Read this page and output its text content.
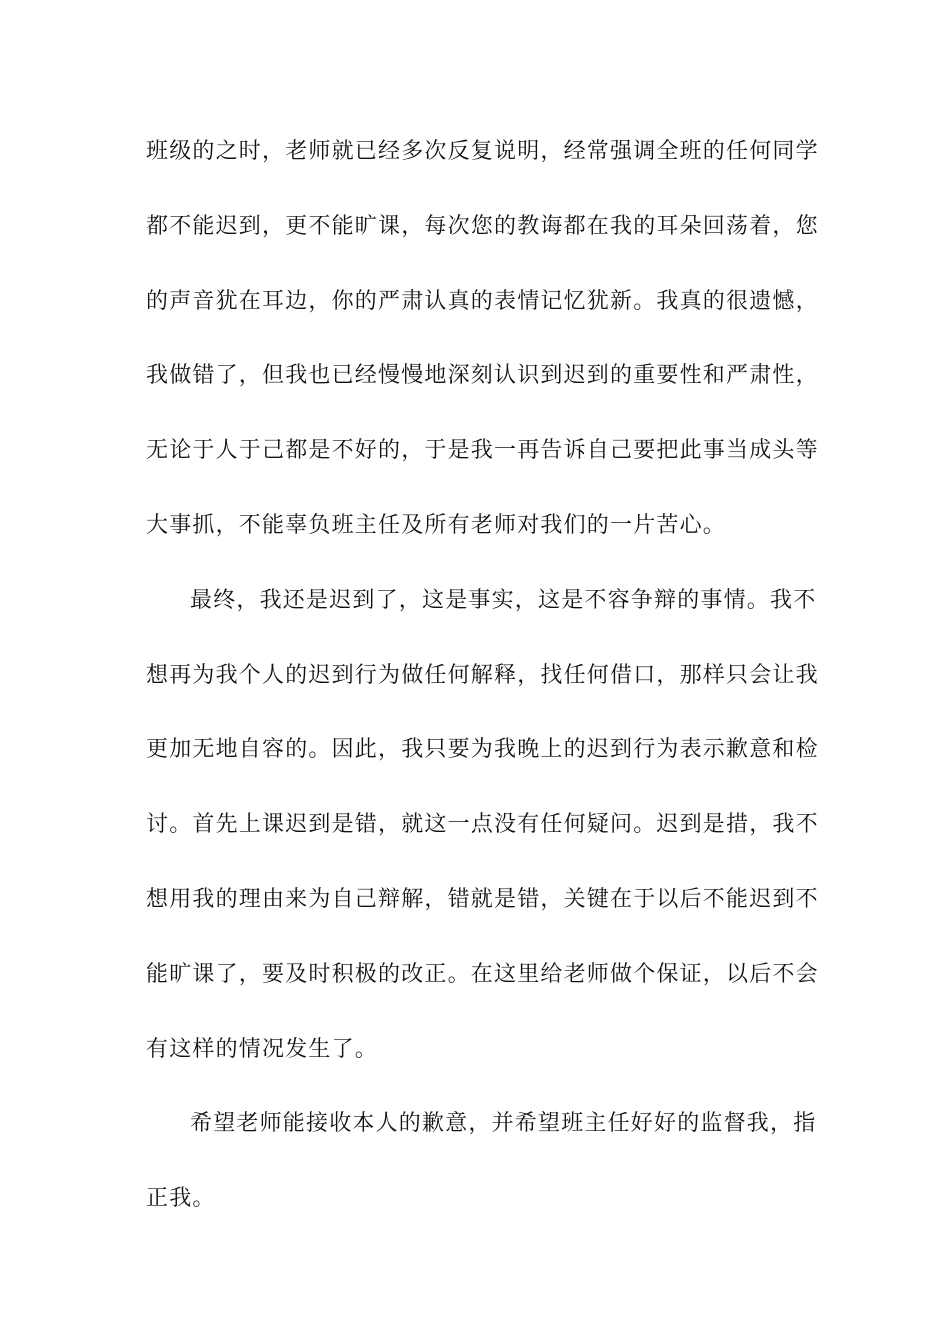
班级的之时，老师就已经多次反复说明，经常强调全班的任何同学
都不能迟到，更不能旷课，每次您的教诲都在我的耳朵回荡着，您
的声音犹在耳边，你的严肃认真的表情记忆犹新。我真的很遗憾，
我做错了，但我也已经慢慢地深刻认识到迟到的重要性和严肃性，
无论于人于己都是不好的，于是我一再告诉自己要把此事当成头等
大事抓，不能辜负班主任及所有老师对我们的一片苦心。
最终，我还是迟到了，这是事实，这是不容争辩的事情。我不
想再为我个人的迟到行为做任何解释，找任何借口，那样只会让我
更加无地自容的。因此，我只要为我晚上的迟到行为表示歉意和检
讨。首先上课迟到是错，就这一点没有任何疑问。迟到是措，我不
想用我的理由来为自己辩解，错就是错，关键在于以后不能迟到不
能旷课了，要及时积极的改正。在这里给老师做个保证，以后不会
有这样的情况发生了。
希望老师能接收本人的歉意，并希望班主任好好的监督我，指
正我。
